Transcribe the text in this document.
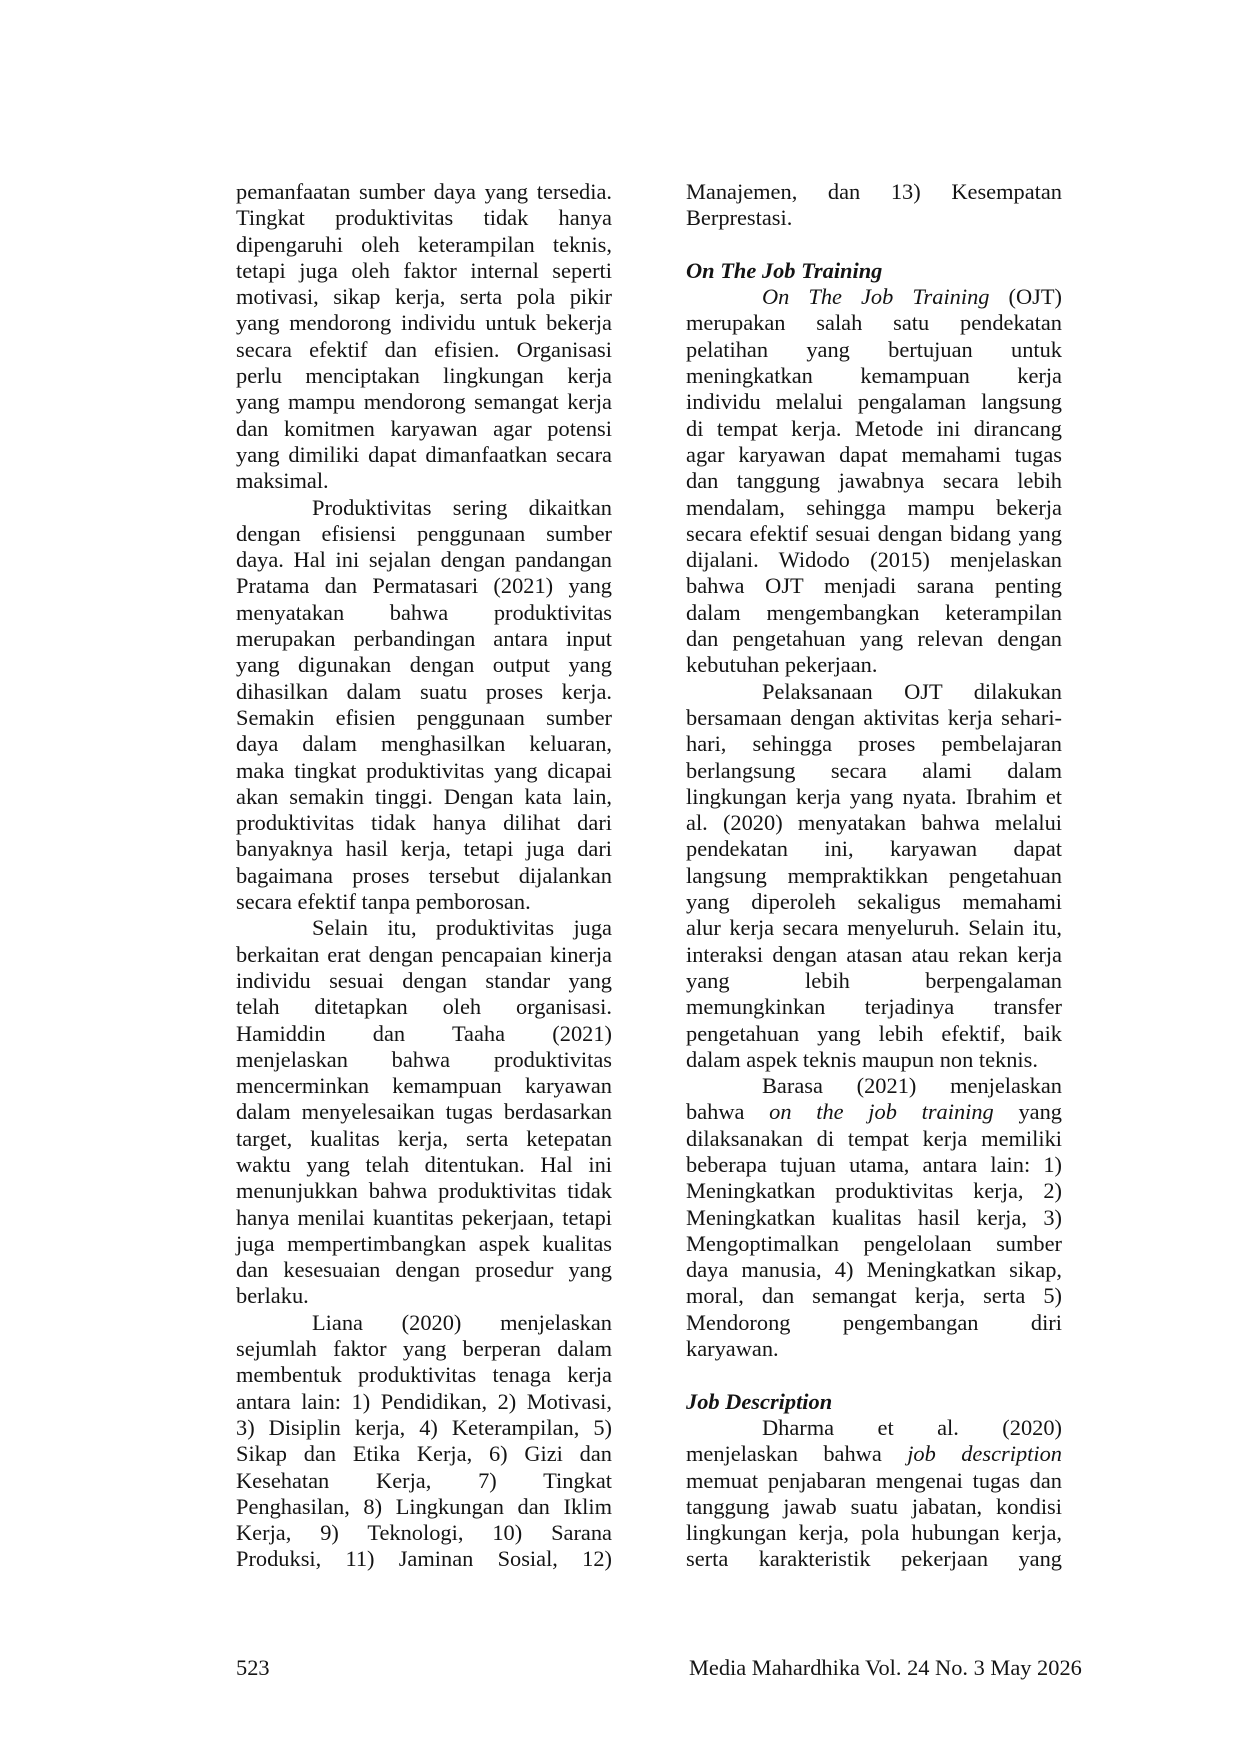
pemanfaatan sumber daya yang tersedia.
Tingkat produktivitas tidak hanya
dipengaruhi oleh keterampilan teknis,
tetapi juga oleh faktor internal seperti
motivasi, sikap kerja, serta pola pikir
yang mendorong individu untuk bekerja
secara efektif dan efisien. Organisasi
perlu menciptakan lingkungan kerja
yang mampu mendorong semangat kerja
dan komitmen karyawan agar potensi
yang dimiliki dapat dimanfaatkan secara
maksimal.
Produktivitas sering dikaitkan
dengan efisiensi penggunaan sumber
daya. Hal ini sejalan dengan pandangan
Pratama dan Permatasari (2021) yang
menyatakan bahwa produktivitas
merupakan perbandingan antara input
yang digunakan dengan output yang
dihasilkan dalam suatu proses kerja.
Semakin efisien penggunaan sumber
daya dalam menghasilkan keluaran,
maka tingkat produktivitas yang dicapai
akan semakin tinggi. Dengan kata lain,
produktivitas tidak hanya dilihat dari
banyaknya hasil kerja, tetapi juga dari
bagaimana proses tersebut dijalankan
secara efektif tanpa pemborosan.
Selain itu, produktivitas juga
berkaitan erat dengan pencapaian kinerja
individu sesuai dengan standar yang
telah ditetapkan oleh organisasi.
Hamiddin dan Taaha (2021)
menjelaskan bahwa produktivitas
mencerminkan kemampuan karyawan
dalam menyelesaikan tugas berdasarkan
target, kualitas kerja, serta ketepatan
waktu yang telah ditentukan. Hal ini
menunjukkan bahwa produktivitas tidak
hanya menilai kuantitas pekerjaan, tetapi
juga mempertimbangkan aspek kualitas
dan kesesuaian dengan prosedur yang
berlaku.
Liana (2020) menjelaskan
sejumlah faktor yang berperan dalam
membentuk produktivitas tenaga kerja
antara lain: 1) Pendidikan, 2) Motivasi,
3) Disiplin kerja, 4) Keterampilan, 5)
Sikap dan Etika Kerja, 6) Gizi dan
Kesehatan Kerja, 7) Tingkat
Penghasilan, 8) Lingkungan dan Iklim
Kerja, 9) Teknologi, 10) Sarana
Produksi, 11) Jaminan Sosial, 12)
Manajemen, dan 13) Kesempatan
Berprestasi.
On The Job Training
On The Job Training (OJT)
merupakan salah satu pendekatan
pelatihan yang bertujuan untuk
meningkatkan kemampuan kerja
individu melalui pengalaman langsung
di tempat kerja. Metode ini dirancang
agar karyawan dapat memahami tugas
dan tanggung jawabnya secara lebih
mendalam, sehingga mampu bekerja
secara efektif sesuai dengan bidang yang
dijalani. Widodo (2015) menjelaskan
bahwa OJT menjadi sarana penting
dalam mengembangkan keterampilan
dan pengetahuan yang relevan dengan
kebutuhan pekerjaan.
Pelaksanaan OJT dilakukan
bersamaan dengan aktivitas kerja sehari-
hari, sehingga proses pembelajaran
berlangsung secara alami dalam
lingkungan kerja yang nyata. Ibrahim et
al. (2020) menyatakan bahwa melalui
pendekatan ini, karyawan dapat
langsung mempraktikkan pengetahuan
yang diperoleh sekaligus memahami
alur kerja secara menyeluruh. Selain itu,
interaksi dengan atasan atau rekan kerja
yang lebih berpengalaman
memungkinkan terjadinya transfer
pengetahuan yang lebih efektif, baik
dalam aspek teknis maupun non teknis.
Barasa (2021) menjelaskan
bahwa on the job training yang
dilaksanakan di tempat kerja memiliki
beberapa tujuan utama, antara lain: 1)
Meningkatkan produktivitas kerja, 2)
Meningkatkan kualitas hasil kerja, 3)
Mengoptimalkan pengelolaan sumber
daya manusia, 4) Meningkatkan sikap,
moral, dan semangat kerja, serta 5)
Mendorong pengembangan diri
karyawan.
Job Description
Dharma et al. (2020)
menjelaskan bahwa job description
memuat penjabaran mengenai tugas dan
tanggung jawab suatu jabatan, kondisi
lingkungan kerja, pola hubungan kerja,
serta karakteristik pekerjaan yang
523	Media Mahardhika Vol. 24 No. 3 May 2026
